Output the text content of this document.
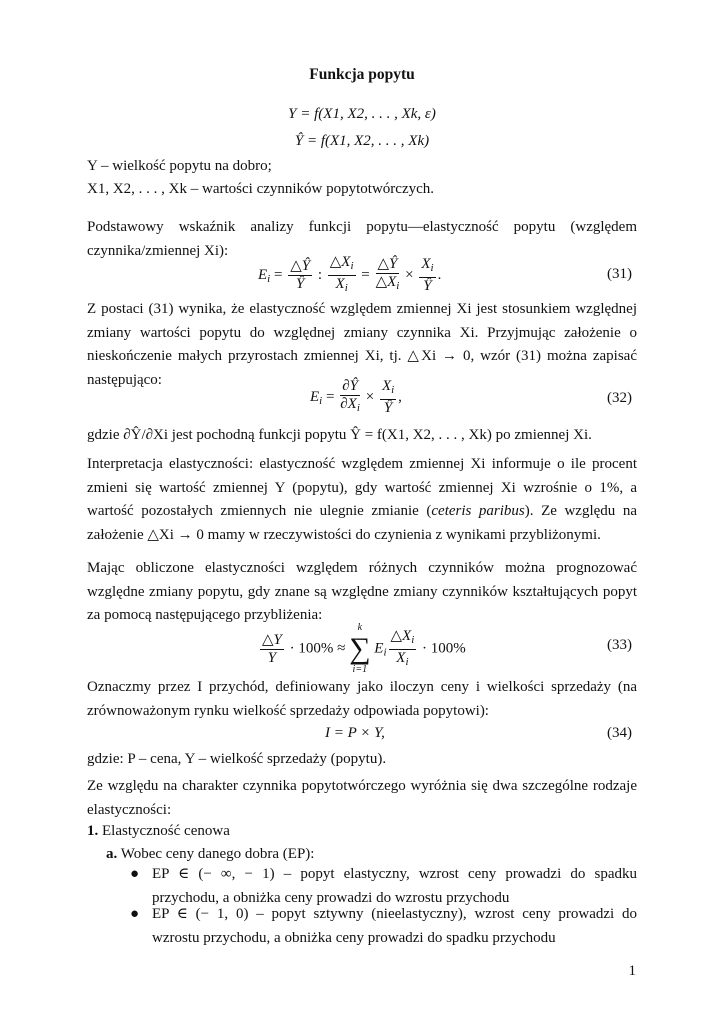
Funkcja popytu
Y = f(X1, X2, . . . , Xk, ε)
Ŷ = f(X1, X2, . . . , Xk)
Y – wielkość popytu na dobro;
X1, X2, . . . , Xk – wartości czynników popytotwórczych.
Podstawowy wskaźnik analizy funkcji popytu—elastyczność popytu (względem czynnika/zmiennej Xi):
$E_i = \frac{\triangle Ŷ}{Ŷ}$ : $\frac{\triangle X_i}{X_i} = \frac{\triangle Ŷ}{\triangle X_i} \times \frac{X_i}{Ŷ}$ .	(31)
Z postaci (31) wynika, że elastyczność względem zmiennej Xi jest stosunkiem względnej zmiany wartości popytu do względnej zmiany czynnika Xi. Przyjmując założenie o nieskończenie małych przyrostach zmiennej Xi, tj. △Xi → 0, wzór (31) można zapisać następująco:
$E_i = \frac{\partial Ŷ}{\partial X_i} \times \frac{X_i}{Ŷ}$ ,	(32)
gdzie ∂Ŷ/∂Xi jest pochodną funkcji popytu Ŷ = f(X1, X2, . . . , Xk) po zmiennej Xi.
Interpretacja elastyczności: elastyczność względem zmiennej Xi informuje o ile procent zmieni się wartość zmiennej Y (popytu), gdy wartość zmiennej Xi wzrośnie o 1%, a wartość pozostałych zmiennych nie ulegnie zmianie (ceteris paribus). Ze względu na założenie △Xi → 0 mamy w rzeczywistości do czynienia z wynikami przybliżonymi.
Mając obliczone elastyczności względem różnych czynników można prognozować względne zmiany popytu, gdy znane są względne zmiany czynników kształtujących popyt za pomocą następującego przybliżenia:
$\frac{\triangle Y}{Y} \cdot 100\%$ ≈
k
∑
i=1
$E_i \frac{\triangle X_i}{X_i} \cdot 100\%$	(33)
Oznaczmy przez I przychód, definiowany jako iloczyn ceny i wielkości sprzedaży (na zrównoważonym rynku wielkość sprzedaży odpowiada popytowi):
I = P × Y,	(34)
gdzie: P – cena, Y – wielkość sprzedaży (popytu).
Ze względu na charakter czynnika popytotwórczego wyróżnia się dwa szczególne rodzaje elastyczności:
1. Elastyczność cenowa
a. Wobec ceny danego dobra (EP):
● EP ∈ (− ∞, − 1) – popyt elastyczny, wzrost ceny prowadzi do spadku przychodu, a obniżka ceny prowadzi do wzrostu przychodu
● EP ∈ (− 1, 0) – popyt sztywny (nieelastyczny), wzrost ceny prowadzi do wzrostu przychodu, a obniżka ceny prowadzi do spadku przychodu
1
